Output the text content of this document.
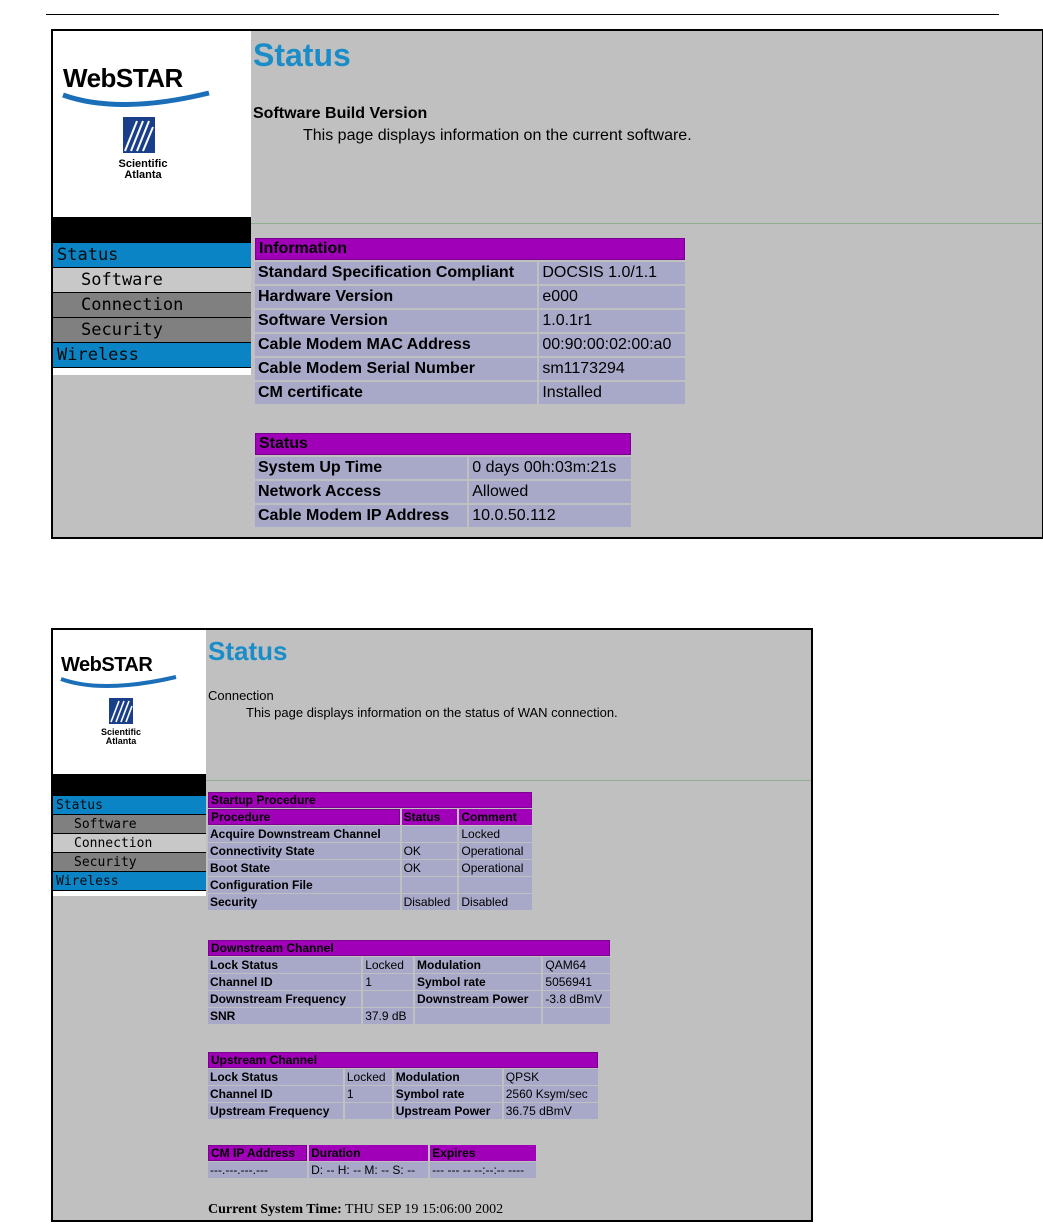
WebSTAR
Scientific
Atlanta
Status
Software
Connection
Security
Wireless
Status
Software Build Version
This page displays information on the current software.
Information	
Standard Specification Compliant	DOCSIS 1.0/1.1
Hardware Version	e000
Software Version	1.0.1r1
Cable Modem MAC Address	00:90:00:02:00:a0
Cable Modem Serial Number	sm1173294
CM certificate	Installed
Status	
System Up Time	0 days 00h:03m:21s
Network Access	Allowed
Cable Modem IP Address	10.0.50.112
WebSTAR
Scientific
Atlanta
Status
Software
Connection
Security
Wireless
Status
Connection
This page displays information on the status of WAN connection.
Startup Procedure		
Procedure	Status	Comment
Acquire Downstream Channel		Locked
Connectivity State	OK	Operational
Boot State	OK	Operational
Configuration File		
Security	Disabled	Disabled
Downstream Channel			
Lock Status	Locked	Modulation	QAM64
Channel ID	1	Symbol rate	5056941
Downstream Frequency		Downstream Power	-3.8 dBmV
SNR	37.9 dB		
Upstream Channel			
Lock Status	Locked	Modulation	QPSK
Channel ID	1	Symbol rate	2560 Ksym/sec
Upstream Frequency		Upstream Power	36.75 dBmV
CM IP Address	Duration	Expires
---.---.---.---	D: -- H: -- M: -- S: --	--- --- -- --:--:-- ----
Current System Time: THU SEP 19 15:06:00 2002
